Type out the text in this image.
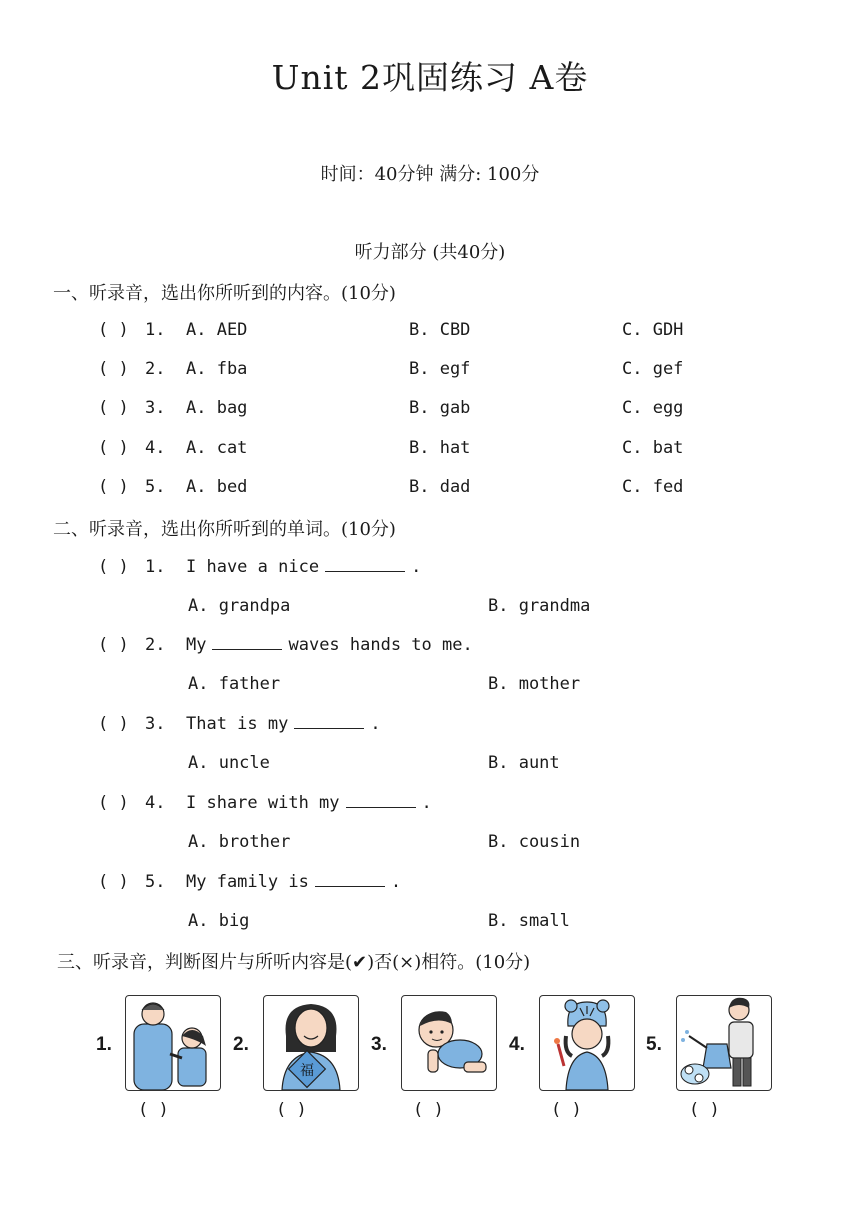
Unit 2巩固练习 A卷
时间：40分钟 满分: 100分
听力部分 (共40分)
一、听录音，选出你所听到的内容。(10分)
( ) 1. A. AED	B. CBD	C. GDH
( ) 2. A. fba	B. egf	C. gef
( ) 3. A. bag	B. gab	C. egg
( ) 4. A. cat	B. hat	C. bat
( ) 5. A. bed	B. dad	C. fed
二、听录音，选出你所听到的单词。(10分)
( ) 1. I have a nice	.
A. grandpa	B. grandma
( ) 2. My	waves hands to me.
A. father	B. mother
( ) 3. That is my	.
A. uncle	B. aunt
( ) 4. I share with my	.
A. brother	B. cousin
( ) 5. My family is	.
A. big	B. small
三、听录音，判断图片与所听内容是(✔)否(×)相符。(10分)
1.
( )
2.
福
( )
3.
( )
4.
( )
5.
( )
